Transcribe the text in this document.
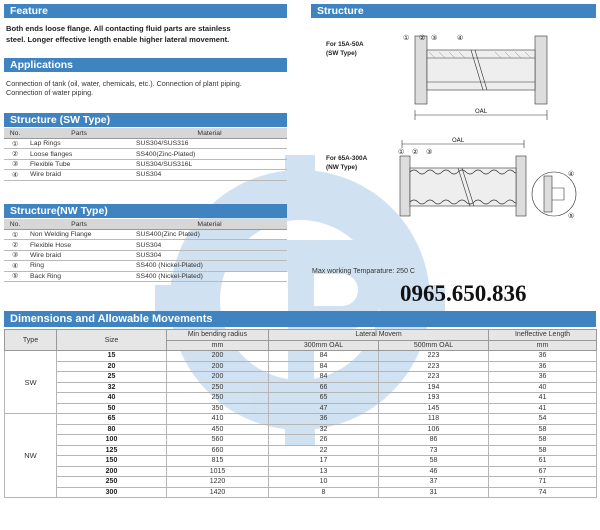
Feature
Both ends loose flange. All contacting fluid parts are stainless
steel. Longer effective length enable higher lateral movement.
Applications
Connection of tank (oil, water, chemicals, etc.). Connection of plant piping.
Connection of water piping.
Structure (SW Type)
No.	Parts	Material
①	Lap Rings	SUS304/SUS316
②	Loose flanges	SS400(Zinc-Plated)
③	Flexible Tube	SUS304/SUS316L
④	Wire braid	SUS304
Structure(NW Type)
No.	Parts	Material
①	Non Welding Flange	SUS400(Zinc Plated)
②	Flexible Hose	SUS304
③	Wire braid	SUS304
④	Ring	SS400 (Nickel-Plated)
⑤	Back Ring	SS400 (Nickel-Plated)
Structure
For 15A-50A
(SW Type)
① ② ③	④
OAL
For 65A-300A
(NW Type)
① ② ③
④
⑤
OAL
Max working Temparature: 250 C
0965.650.836
Dimensions and Allowable Movements
Type	Size	Min bending radius	Lateral Movem		Ineffective Length
		mm	300mm OAL	500mm OAL	mm
SW	15	200	84	223	36
	20	200	84	223	36
	25	200	84	223	36
	32	250	66	194	40
	40	250	65	193	41
	50	350	47	145	41
NW	65	410	36	118	54
	80	450	32	106	58
	100	560	26	86	58
	125	660	22	73	58
	150	815	17	58	61
	200	1015	13	46	67
	250	1220	10	37	71
	300	1420	8	31	74
